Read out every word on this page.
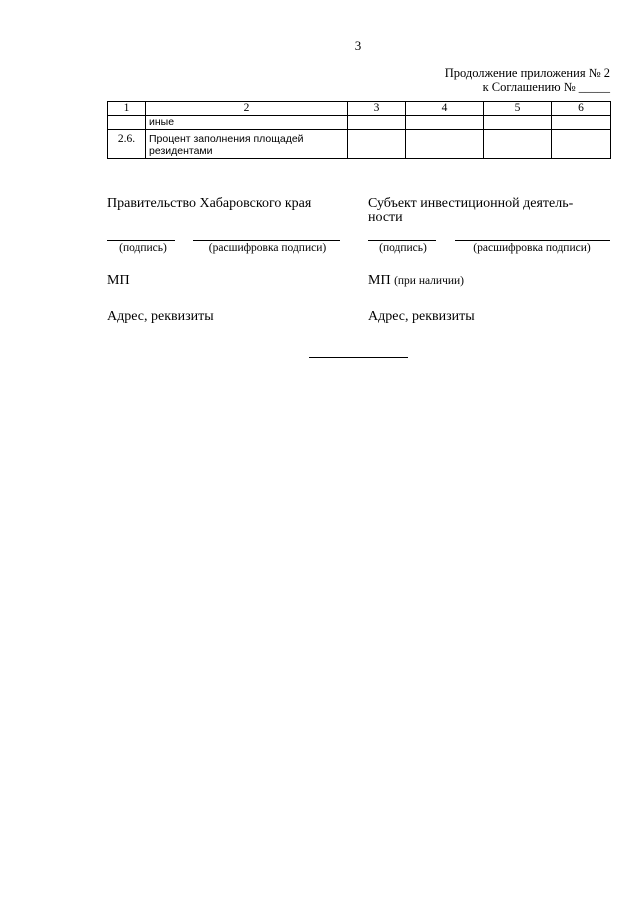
3
Продолжение приложения № 2
к Соглашению № _____
1	2	3	4	5	6
	иные				
2.6.	Процент заполнения площадей резидентами				
Правительство Хабаровского края
(подпись)	(расшифровка подписи)
МП
Адрес, реквизиты
Субъект инвестиционной деятель-ности
(подпись)	(расшифровка подписи)
МП (при наличии)
Адрес, реквизиты
